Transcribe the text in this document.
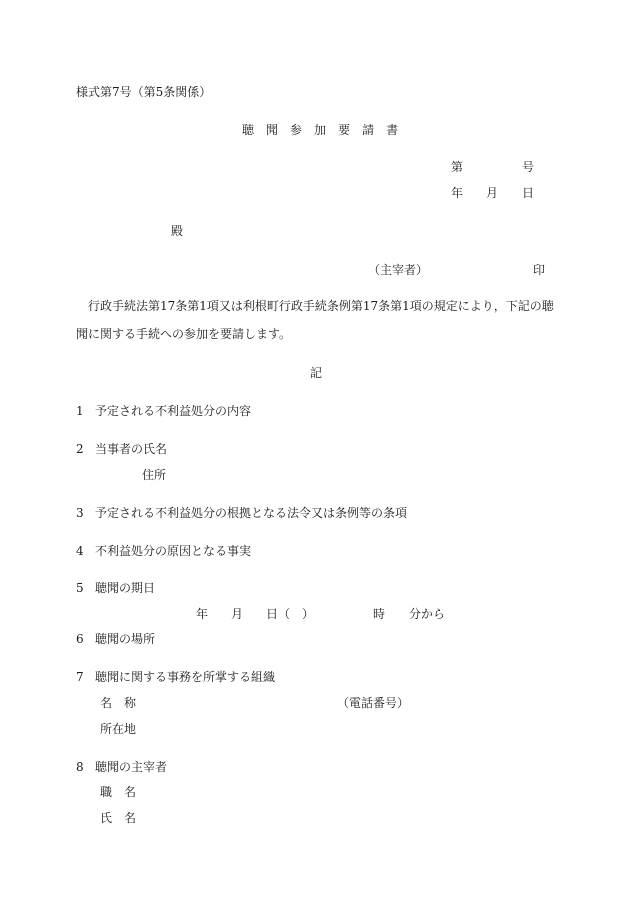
様式第7号（第5条関係）
聴 聞 参 加 要 請 書
第	号
年 月 日
殿
（主宰者）	印
行政手続法第17条第1項又は利根町行政手続条例第17条第1項の規定により，下記の聴聞に関する手続への参加を要請します。
記
1 予定される不利益処分の内容
2 当事者の氏名
住所
3 予定される不利益処分の根拠となる法令又は条例等の条項
4 不利益処分の原因となる事実
5 聴聞の期日
年 月 日（　）	時 分から
6 聴聞の場所
7 聴聞に関する事務を所掌する組織
名　称	（電話番号）
所在地
8 聴聞の主宰者
職　名
氏　名
